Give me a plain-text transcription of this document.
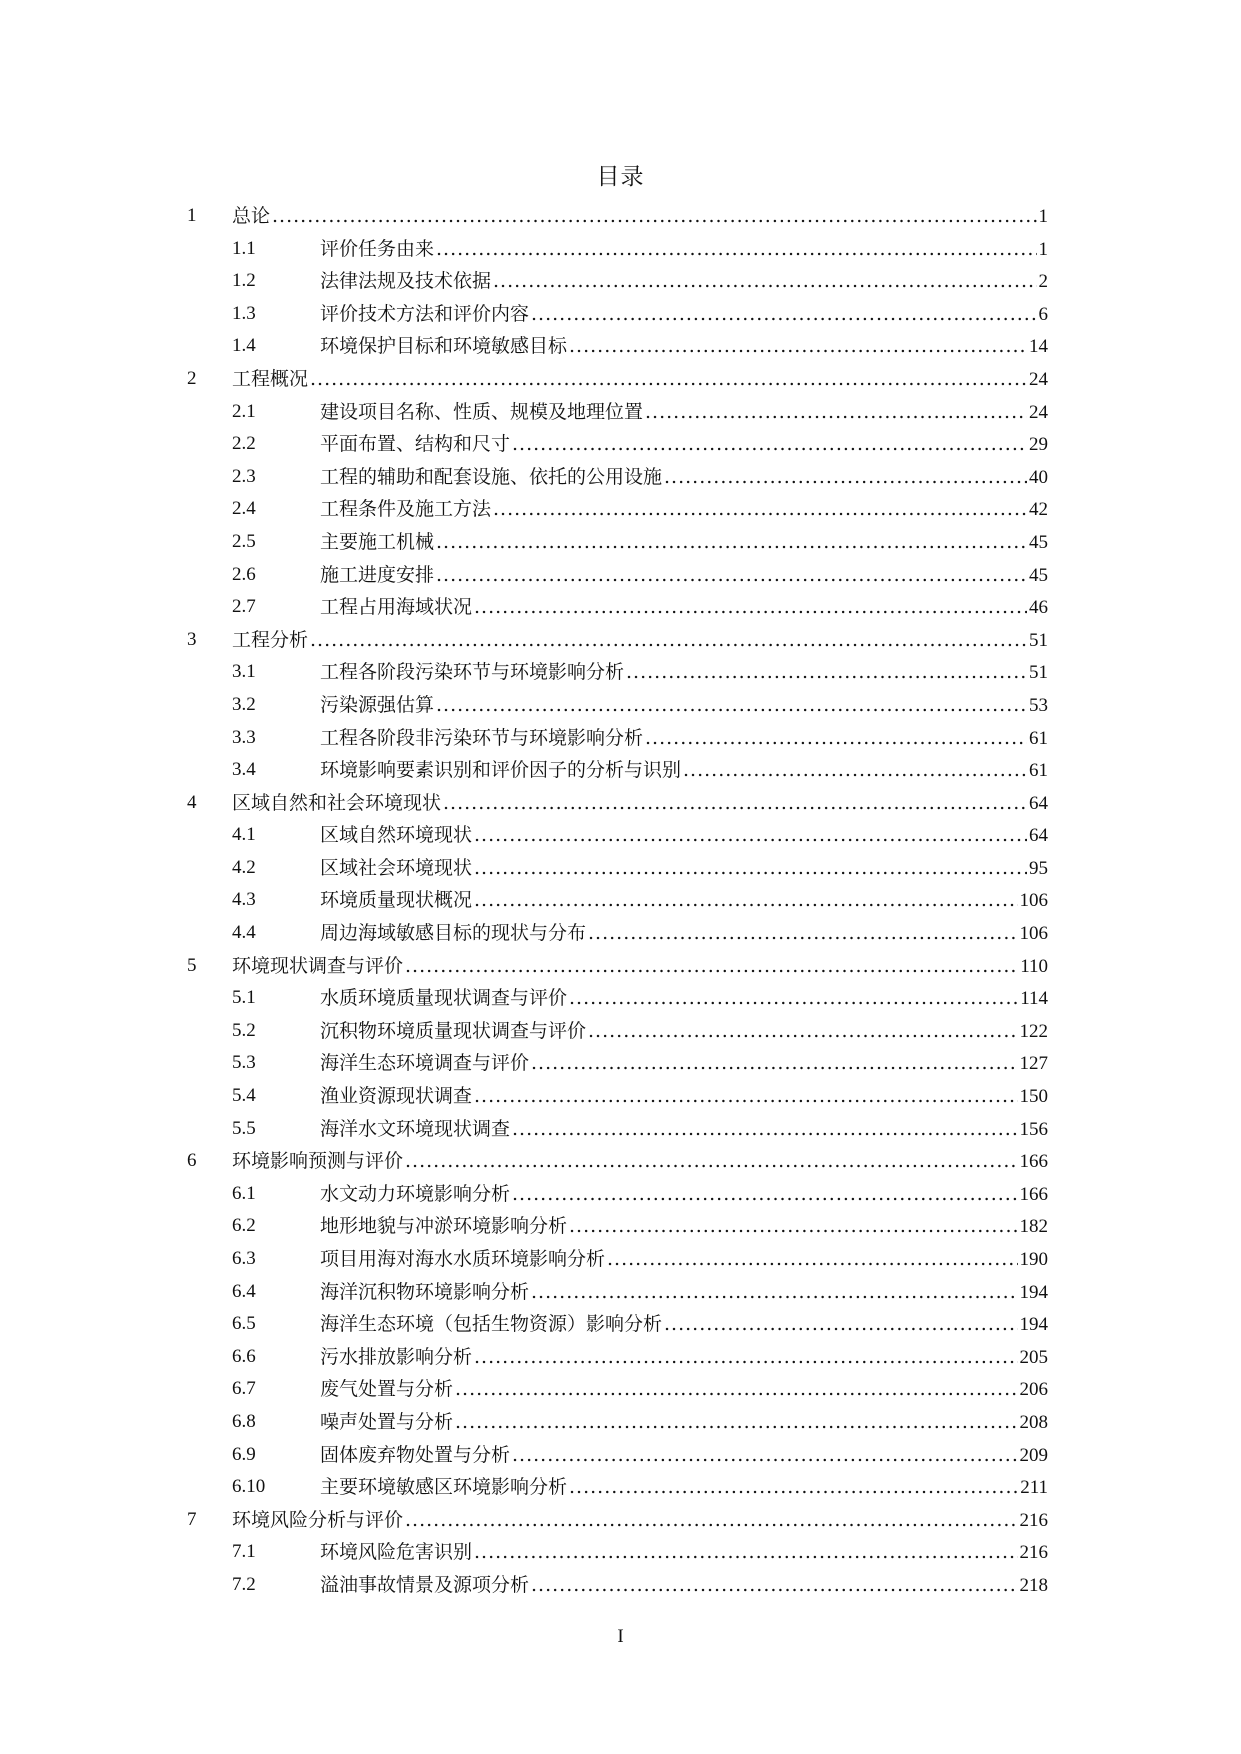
目录
1 总论 .....	1
1.1	评价任务由来 .....	1
1.2	法律法规及技术依据 .....	2
1.3	评价技术方法和评价内容 .....	6
1.4	环境保护目标和环境敏感目标 .....	14
2 工程概况 .....	24
2.1	建设项目名称、性质、规模及地理位置 .....	24
2.2	平面布置、结构和尺寸 .....	29
2.3	工程的辅助和配套设施、依托的公用设施 .....	40
2.4	工程条件及施工方法 .....	42
2.5	主要施工机械 .....	45
2.6	施工进度安排 .....	45
2.7	工程占用海域状况 .....	46
3 工程分析 .....	51
3.1	工程各阶段污染环节与环境影响分析 .....	51
3.2	污染源强估算 .....	53
3.3	工程各阶段非污染环节与环境影响分析 .....	61
3.4	环境影响要素识别和评价因子的分析与识别 .....	61
4 区域自然和社会环境现状 .....	64
4.1	区域自然环境现状 .....	64
4.2	区域社会环境现状 .....	95
4.3	环境质量现状概况 .....	106
4.4	周边海域敏感目标的现状与分布 .....	106
5 环境现状调查与评价 .....	110
5.1	水质环境质量现状调查与评价 .....	114
5.2	沉积物环境质量现状调查与评价 .....	122
5.3	海洋生态环境调查与评价 .....	127
5.4	渔业资源现状调查 .....	150
5.5	海洋水文环境现状调查 .....	156
6 环境影响预测与评价 .....	166
6.1	水文动力环境影响分析 .....	166
6.2	地形地貌与冲淤环境影响分析 .....	182
6.3	项目用海对海水水质环境影响分析 .....	190
6.4	海洋沉积物环境影响分析 .....	194
6.5	海洋生态环境（包括生物资源）影响分析 .....	194
6.6	污水排放影响分析 .....	205
6.7	废气处置与分析 .....	206
6.8	噪声处置与分析 .....	208
6.9	固体废弃物处置与分析 .....	209
6.10	主要环境敏感区环境影响分析 .....	211
7 环境风险分析与评价 .....	216
7.1	环境风险危害识别 .....	216
7.2	溢油事故情景及源项分析 .....	218
I
